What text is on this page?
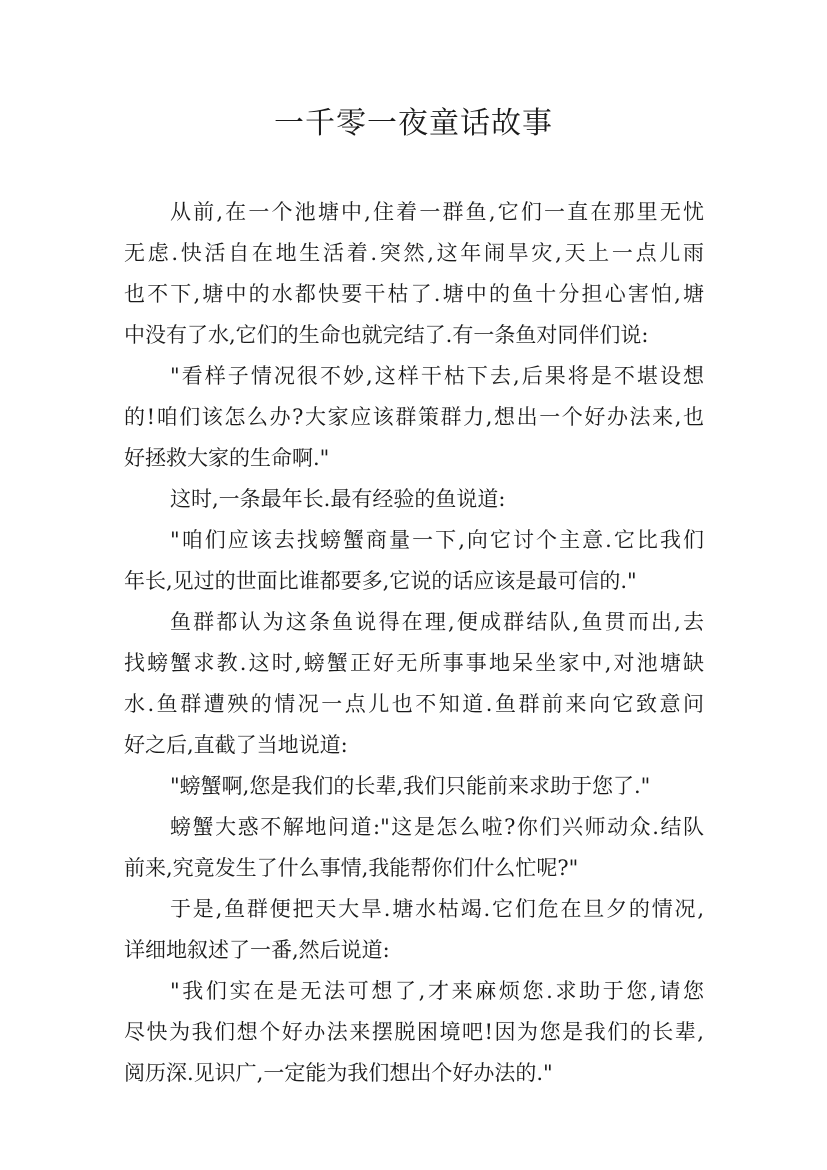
一千零一夜童话故事
从前,在一个池塘中,住着一群鱼,它们一直在那里无忧
无虑.快活自在地生活着.突然,这年闹旱灾,天上一点儿雨
也不下,塘中的水都快要干枯了.塘中的鱼十分担心害怕,塘
中没有了水,它们的生命也就完结了.有一条鱼对同伴们说:
"看样子情况很不妙,这样干枯下去,后果将是不堪设想
的!咱们该怎么办?大家应该群策群力,想出一个好办法来,也
好拯救大家的生命啊."
这时,一条最年长.最有经验的鱼说道:
"咱们应该去找螃蟹商量一下,向它讨个主意.它比我们
年长,见过的世面比谁都要多,它说的话应该是最可信的."
鱼群都认为这条鱼说得在理,便成群结队,鱼贯而出,去
找螃蟹求教.这时,螃蟹正好无所事事地呆坐家中,对池塘缺
水.鱼群遭殃的情况一点儿也不知道.鱼群前来向它致意问
好之后,直截了当地说道:
"螃蟹啊,您是我们的长辈,我们只能前来求助于您了."
螃蟹大惑不解地问道:"这是怎么啦?你们兴师动众.结队
前来,究竟发生了什么事情,我能帮你们什么忙呢?"
于是,鱼群便把天大旱.塘水枯竭.它们危在旦夕的情况,
详细地叙述了一番,然后说道:
"我们实在是无法可想了,才来麻烦您.求助于您,请您
尽快为我们想个好办法来摆脱困境吧!因为您是我们的长辈,
阅历深.见识广,一定能为我们想出个好办法的."
